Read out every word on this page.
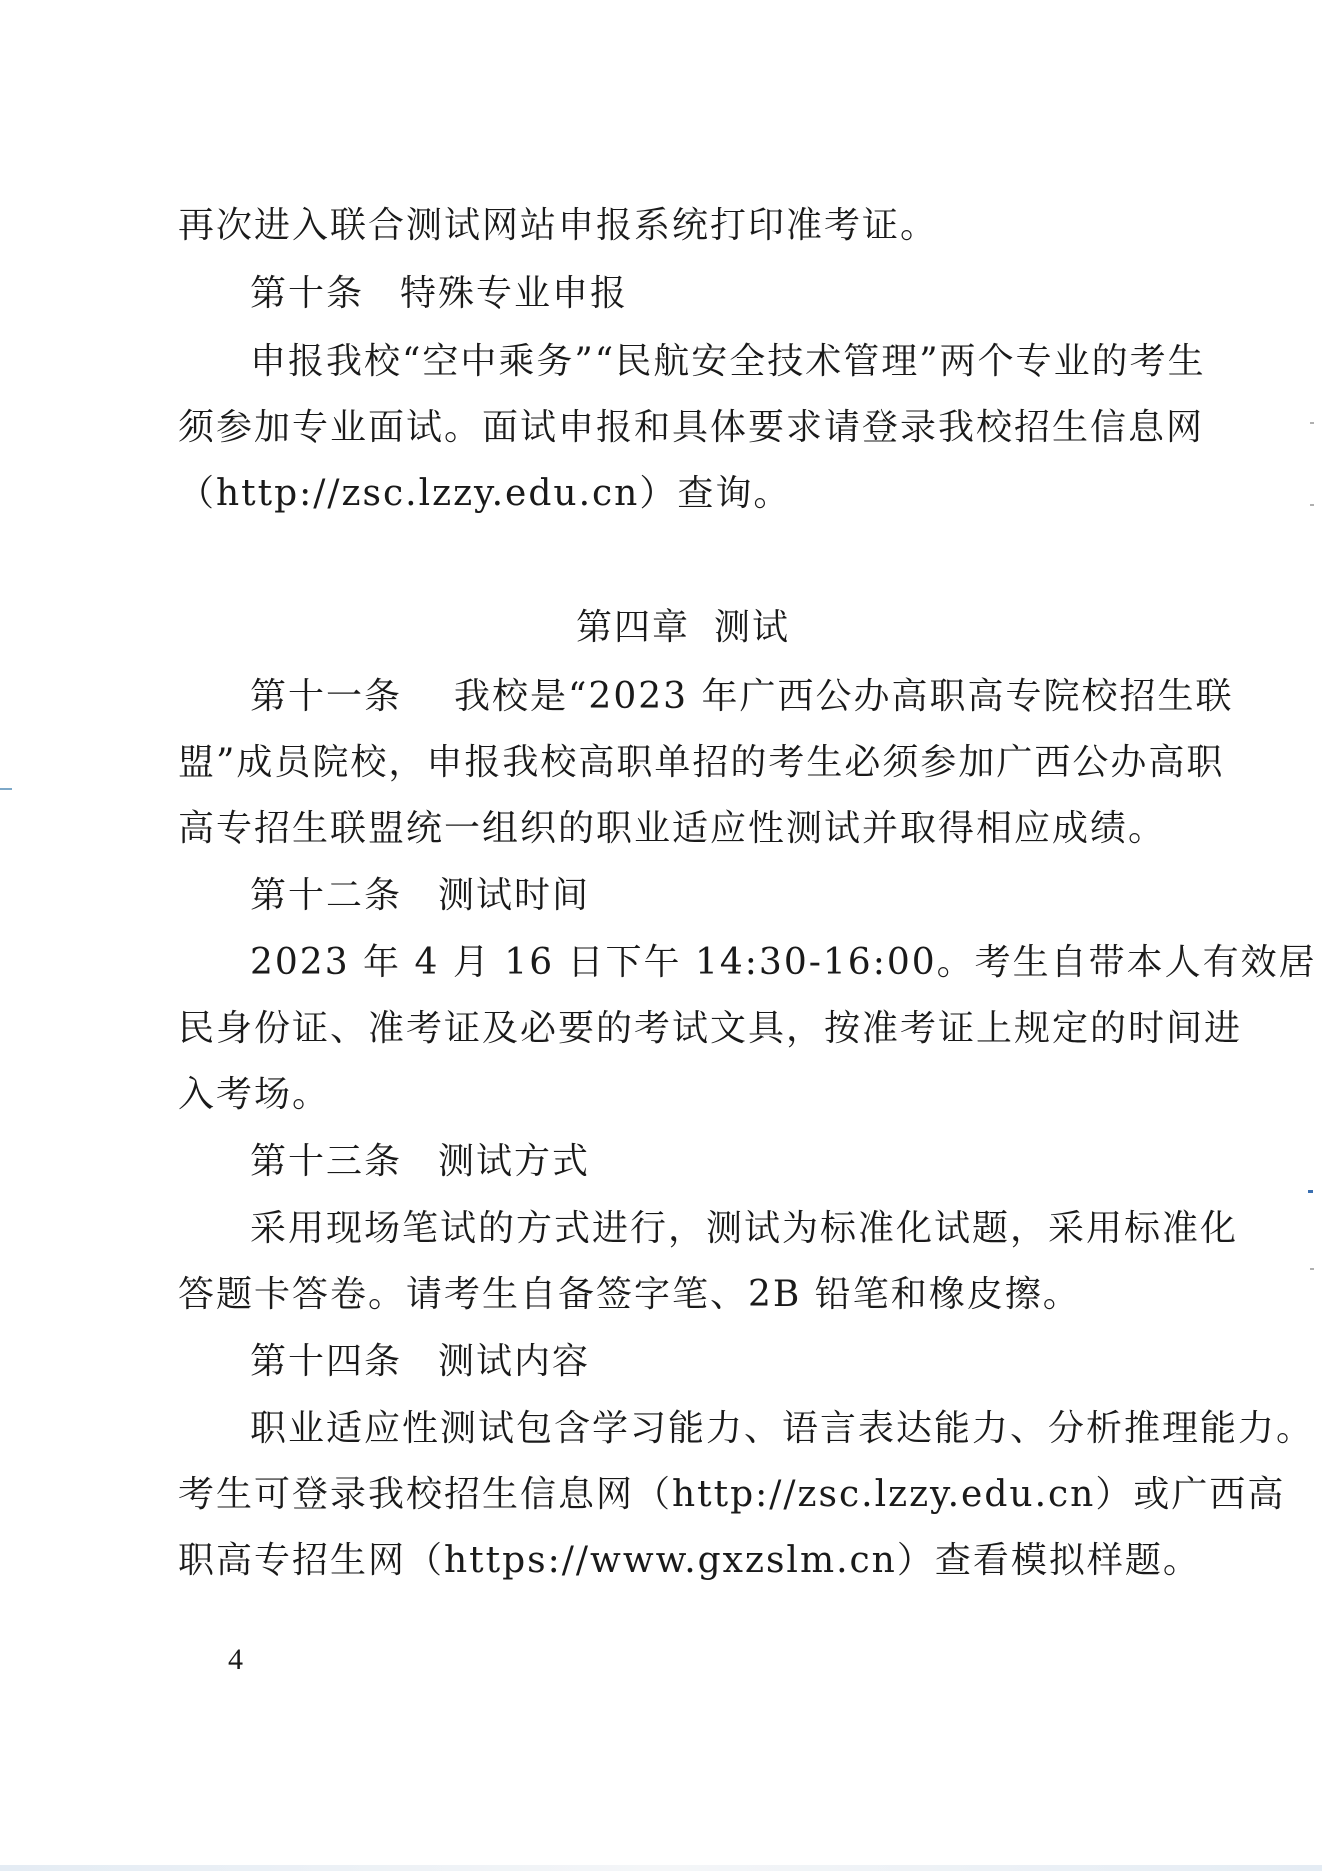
再次进入联合测试网站申报系统打印准考证。
第十条 特殊专业申报
申报我校“空中乘务”“民航安全技术管理”两个专业的考生
须参加专业面试。面试申报和具体要求请登录我校招生信息网
（http://zsc.lzzy.edu.cn）查询。
第四章 测试
第十一条 我校是“2023 年广西公办高职高专院校招生联
盟”成员院校，申报我校高职单招的考生必须参加广西公办高职
高专招生联盟统一组织的职业适应性测试并取得相应成绩。
第十二条 测试时间
2023 年 4 月 16 日下午 14:30-16:00。考生自带本人有效居
民身份证、准考证及必要的考试文具，按准考证上规定的时间进
入考场。
第十三条 测试方式
采用现场笔试的方式进行，测试为标准化试题，采用标准化
答题卡答卷。请考生自备签字笔、2B 铅笔和橡皮擦。
第十四条 测试内容
职业适应性测试包含学习能力、语言表达能力、分析推理能力。
考生可登录我校招生信息网（http://zsc.lzzy.edu.cn）或广西高
职高专招生网（https://www.gxzslm.cn）查看模拟样题。
4
